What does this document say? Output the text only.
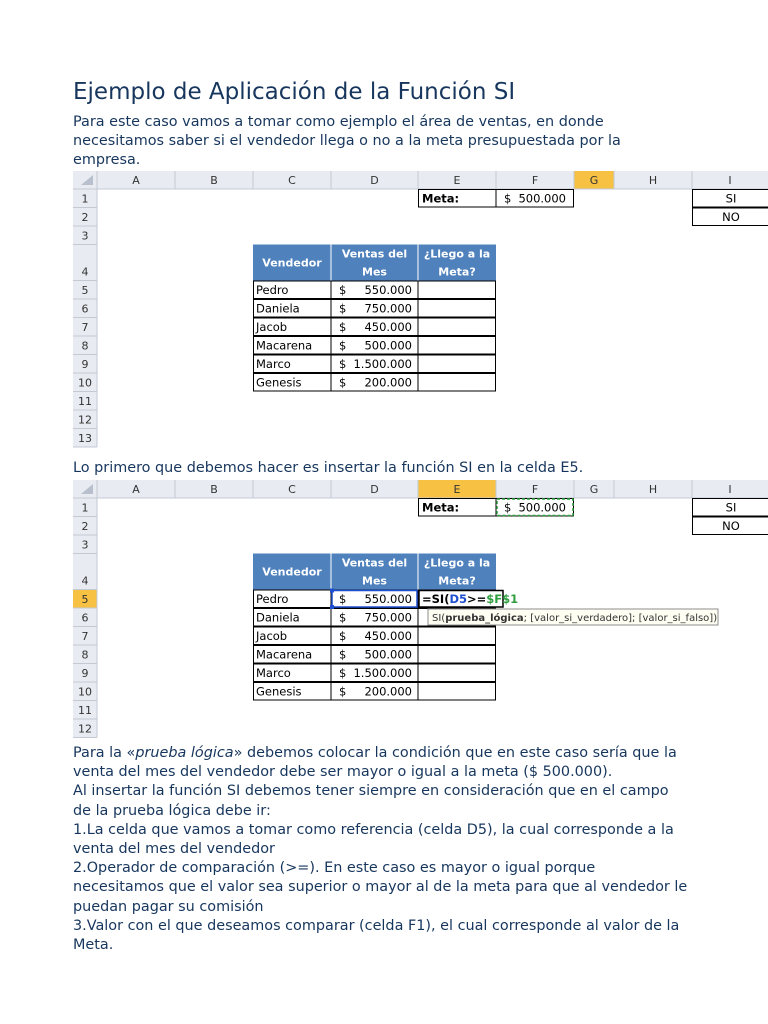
Ejemplo de Aplicación de la Función SI

Para este caso vamos a tomar como ejemplo el área de ventas, en donde

necesitamos saber si el vendedor llega o no a la meta presupuestada por la

empresa.

A	B	C	D	E	F	G	H	I
1
2
3
4
5
6
7
8
9
10
11
12
13
Meta:	$ 500.000	SI
NO
Vendedor
Ventas del
Mes
¿Llego a la
Meta?
Pedro	$ 550.000
Daniela	$ 750.000
Jacob	$ 450.000
Macarena $ 500.000
Marco	$ 1.500.000
Genesis	$ 200.000

Lo primero que debemos hacer es insertar la función SI en la celda E5.

A	B	C	D	E	F	G	H	I
1
2
3
4
5
6
7
8
9
10
11
12
Meta:	$ 500.000	SI
NO
Vendedor
Ventas del
Mes
¿Llego a la
Meta?
Pedro	$ 550.000
Daniela	$ 750.000
Jacob	$ 450.000
Macarena $ 500.000
Marco	$ 1.500.000
Genesis	$ 200.000
=SI(D5>=$F$1
SI(prueba_lógica; [valor_si_verdadero]; [valor_si_falso])

Para la «prueba lógica» debemos colocar la condición que en este caso sería que la

venta del mes del vendedor debe ser mayor o igual a la meta ($ 500.000).

Al insertar la función SI debemos tener siempre en consideración que en el campo

de la prueba lógica debe ir:

1.La celda que vamos a tomar como referencia (celda D5), la cual corresponde a la

venta del mes del vendedor

2.Operador de comparación (>=). En este caso es mayor o igual porque

necesitamos que el valor sea superior o mayor al de la meta para que al vendedor le

puedan pagar su comisión

3.Valor con el que deseamos comparar (celda F1), el cual corresponde al valor de la

Meta.
